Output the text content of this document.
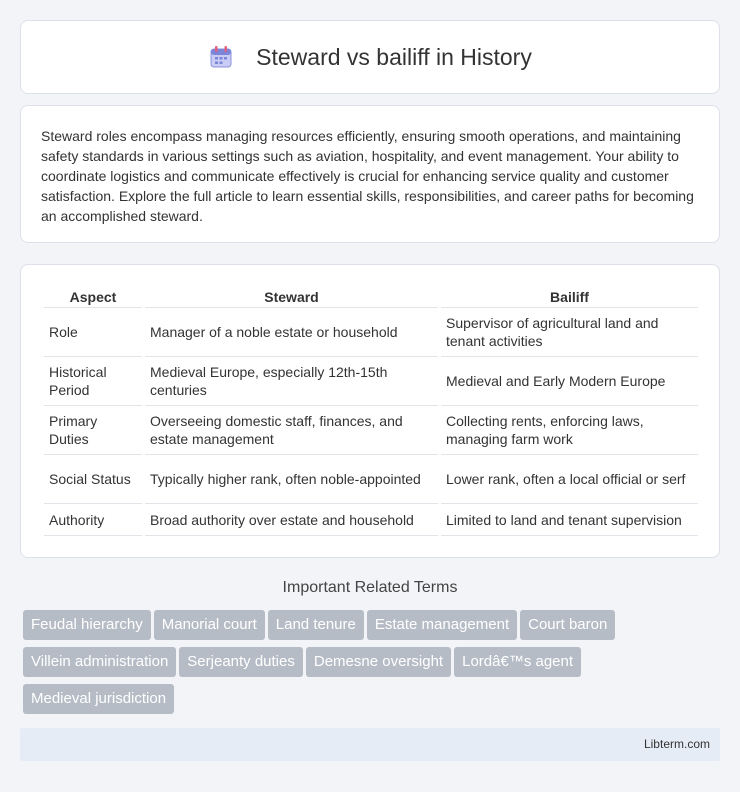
Steward vs bailiff in History

Steward roles encompass managing resources efficiently, ensuring smooth operations, and maintaining safety standards in various settings such as aviation, hospitality, and event management. Your ability to coordinate logistics and communicate effectively is crucial for enhancing service quality and customer satisfaction. Explore the full article to learn essential skills, responsibilities, and career paths for becoming an accomplished steward.

Aspect	Steward	Bailiff
Role	Manager of a noble estate or household	Supervisor of agricultural land and tenant activities
Historical Period	Medieval Europe, especially 12th-15th centuries	Medieval and Early Modern Europe
Primary Duties	Overseeing domestic staff, finances, and estate management	Collecting rents, enforcing laws, managing farm work
Social Status	Typically higher rank, often noble-appointed	Lower rank, often a local official or serf
Authority	Broad authority over estate and household	Limited to land and tenant supervision
Important Related Terms
Feudal hierarchy Manorial court Land tenure Estate management Court baron
Villein administration Serjeanty duties Demesne oversight Lordâ€™s agent
Medieval jurisdiction
Libterm.com
